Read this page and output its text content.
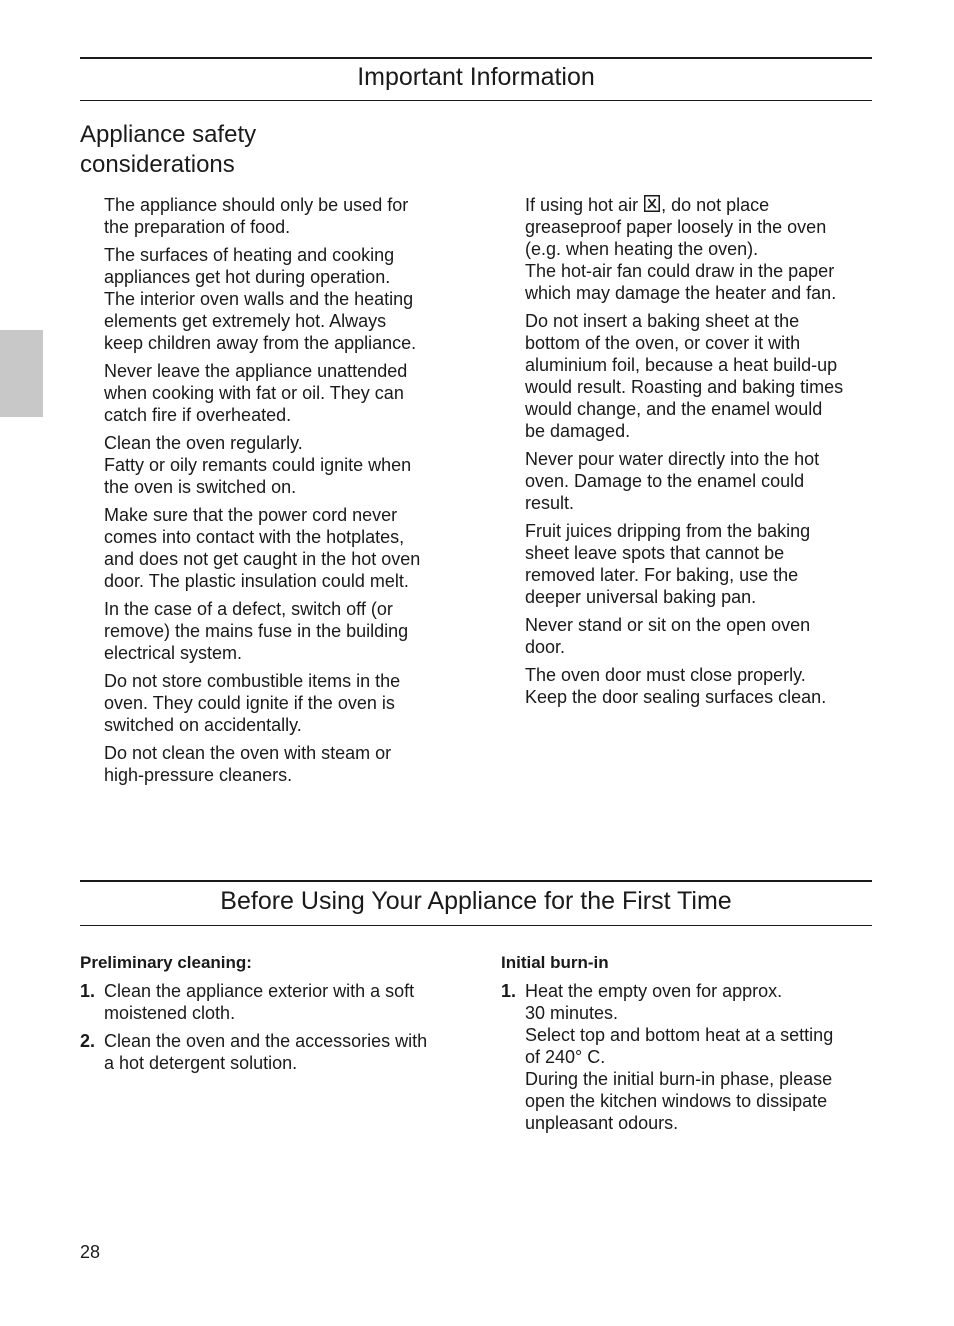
Important Information
Appliance safety
considerations

The appliance should only be used for
the preparation of food.

The surfaces of heating and cooking
appliances get hot during operation.
The interior oven walls and the heating
elements get extremely hot. Always
keep children away from the appliance.

Never leave the appliance unattended
when cooking with fat or oil. They can
catch fire if overheated.

Clean the oven regularly.
Fatty or oily remants could ignite when
the oven is switched on.

Make sure that the power cord never
comes into contact with the hotplates,
and does not get caught in the hot oven
door. The plastic insulation could melt.

In the case of a defect, switch off (or
remove) the mains fuse in the building
electrical system.

Do not store combustible items in the
oven. They could ignite if the oven is
switched on accidentally.

Do not clean the oven with steam or
high-pressure cleaners.

If using hot air , do not place
greaseproof paper loosely in the oven
(e.g. when heating the oven).
The hot-air fan could draw in the paper
which may damage the heater and fan.

Do not insert a baking sheet at the
bottom of the oven, or cover it with
aluminium foil, because a heat build-up
would result. Roasting and baking times
would change, and the enamel would
be damaged.

Never pour water directly into the hot
oven. Damage to the enamel could
result.

Fruit juices dripping from the baking
sheet leave spots that cannot be
removed later. For baking, use the
deeper universal baking pan.

Never stand or sit on the open oven
door.

The oven door must close properly.
Keep the door sealing surfaces clean.

Before Using Your Appliance for the First Time

Preliminary cleaning:

1. Clean the appliance exterior with a soft
moistened cloth.
2. Clean the oven and the accessories with
a hot detergent solution.

Initial burn-in

1. Heat the empty oven for approx.
30 minutes.
Select top and bottom heat at a setting
of 240° C.
During the initial burn-in phase, please
open the kitchen windows to dissipate
unpleasant odours.
28
